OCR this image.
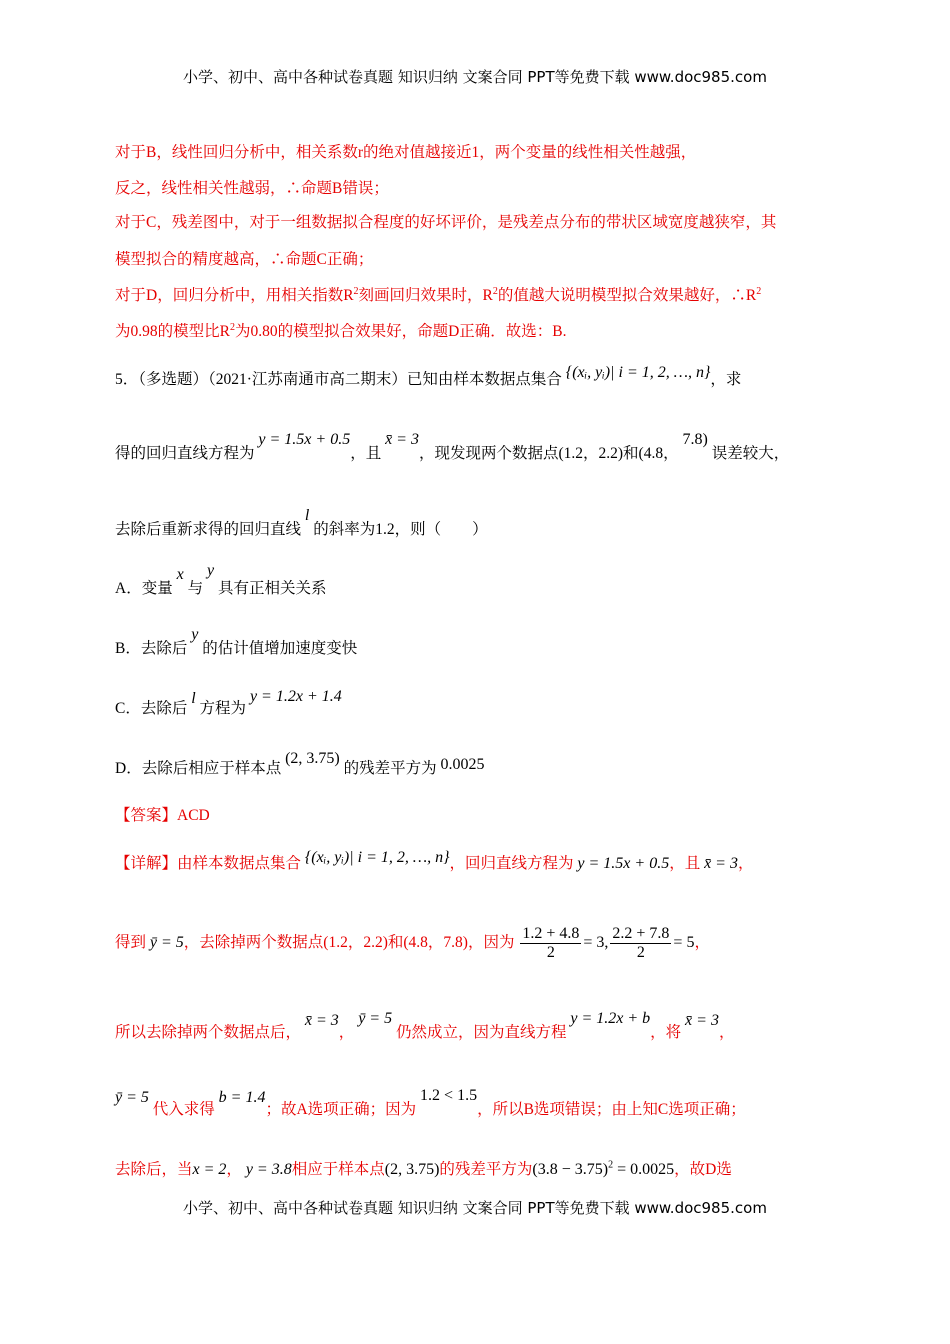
小学、初中、高中各种试卷真题 知识归纳 文案合同 PPT等免费下载 www.doc985.com
对于B，线性回归分析中，相关系数r的绝对值越接近1，两个变量的线性相关性越强，
反之，线性相关性越弱，∴命题B错误；
对于C，残差图中，对于一组数据拟合程度的好坏评价，是残差点分布的带状区域宽度越狭窄，其
模型拟合的精度越高，∴命题C正确；
对于D，回归分析中，用相关指数$R^2$刻画回归效果时，$R^2$的值越大说明模型拟合效果越好，$\therefore R^2$
为0.98的模型比$R^2$为0.80的模型拟合效果好，命题D正确．故选：B.
5．（多选题）（2021·江苏南通市高二期末）已知由样本数据点集合 {(xᵢ, yᵢ)| i = 1, 2, …, n}，求
得的回归直线方程为 y = 1.5x + 0.5，且 x̄ = 3，现发现两个数据点(1.2，2.2)和(4.8， 7.8) 误差较大，
去除后重新求得的回归直线 l 的斜率为1.2，则（　　）
A．变量 x 与 y 具有正相关关系
B．去除后 y 的估计值增加速度变快
C．去除后 l 方程为 y = 1.2x + 1.4
D．去除后相应于样本点 (2, 3.75) 的残差平方为 0.0025
【答案】ACD
【详解】由样本数据点集合 {(xᵢ, yᵢ)| i = 1, 2, …, n}，回归直线方程为 y = 1.5x + 0.5，且 x̄ = 3，
得到 ȳ = 5，去除掉两个数据点(1.2，2.2)和(4.8，7.8)，因为 $\frac{1.2 + 4.8}{2} = 3$, $\frac{2.2 + 7.8}{2} = 5$，
所以去除掉两个数据点后， x̄ = 3， ȳ = 5 仍然成立，因为直线方程 y = 1.2x + b，将 x̄ = 3，
ȳ = 5 代入求得 b = 1.4；故A选项正确；因为 1.2 < 1.5，所以B选项错误；由上知C选项正确；
去除后，当x = 2， y = 3.8相应于样本点(2, 3.75)的残差平方为$(3.8 - 3.75)^2 = 0.0025$，故D选
小学、初中、高中各种试卷真题 知识归纳 文案合同 PPT等免费下载 www.doc985.com
